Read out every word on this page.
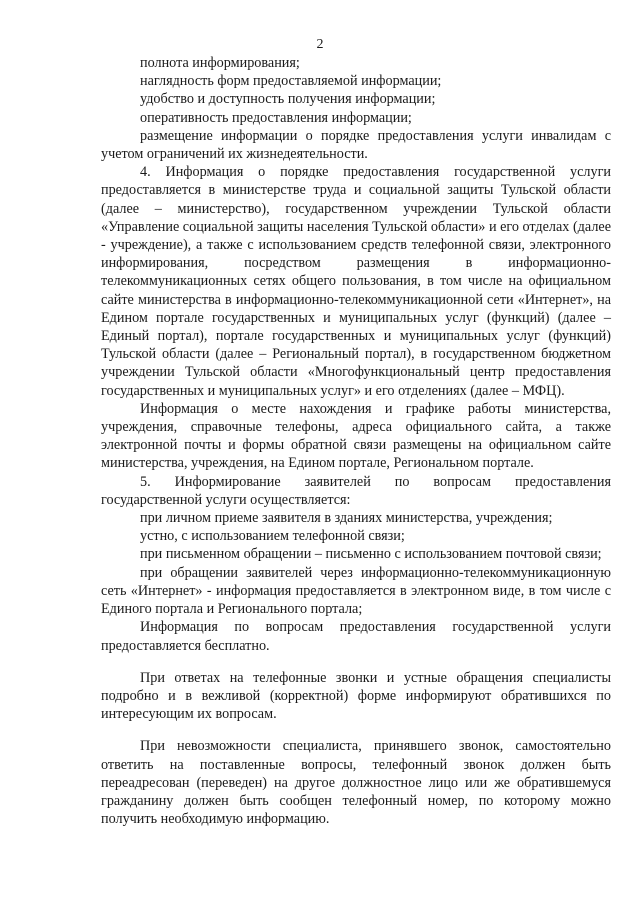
2

полнота информирования;

наглядность форм предоставляемой информации;

удобство и доступность получения информации;

оперативность предоставления информации;

размещение информации о порядке предоставления услуги инвалидам с учетом ограничений их жизнедеятельности.

4. Информация о порядке предоставления государственной услуги предоставляется в министерстве труда и социальной защиты Тульской области (далее – министерство), государственном учреждении Тульской области «Управление социальной защиты населения Тульской области» и его отделах (далее - учреждение), а также с использованием средств телефонной связи, электронного информирования, посредством размещения в информационно-телекоммуникационных сетях общего пользования, в том числе на официальном сайте министерства в информационно-телекоммуникационной сети «Интернет», на Едином портале государственных и муниципальных услуг (функций) (далее – Единый портал), портале государственных и муниципальных услуг (функций) Тульской области (далее – Региональный портал), в государственном бюджетном учреждении Тульской области «Многофункциональный центр предоставления государственных и муниципальных услуг» и его отделениях (далее – МФЦ).

Информация о месте нахождения и графике работы министерства, учреждения, справочные телефоны, адреса официального сайта, а также электронной почты и формы обратной связи размещены на официальном сайте министерства, учреждения, на Едином портале, Региональном портале.

5. Информирование заявителей по вопросам предоставления государственной услуги осуществляется:

при личном приеме заявителя в зданиях министерства, учреждения;

устно, с использованием телефонной связи;

при письменном обращении – письменно с использованием почтовой связи;

при обращении заявителей через информационно-телекоммуникационную сеть «Интернет» - информация предоставляется в электронном виде, в том числе с Единого портала и Регионального портала;

Информация по вопросам предоставления государственной услуги предоставляется бесплатно.

При ответах на телефонные звонки и устные обращения специалисты подробно и в вежливой (корректной) форме информируют обратившихся по интересующим их вопросам.

При невозможности специалиста, принявшего звонок, самостоятельно ответить на поставленные вопросы, телефонный звонок должен быть переадресован (переведен) на другое должностное лицо или же обратившемуся гражданину должен быть сообщен телефонный номер, по которому можно получить необходимую информацию.
